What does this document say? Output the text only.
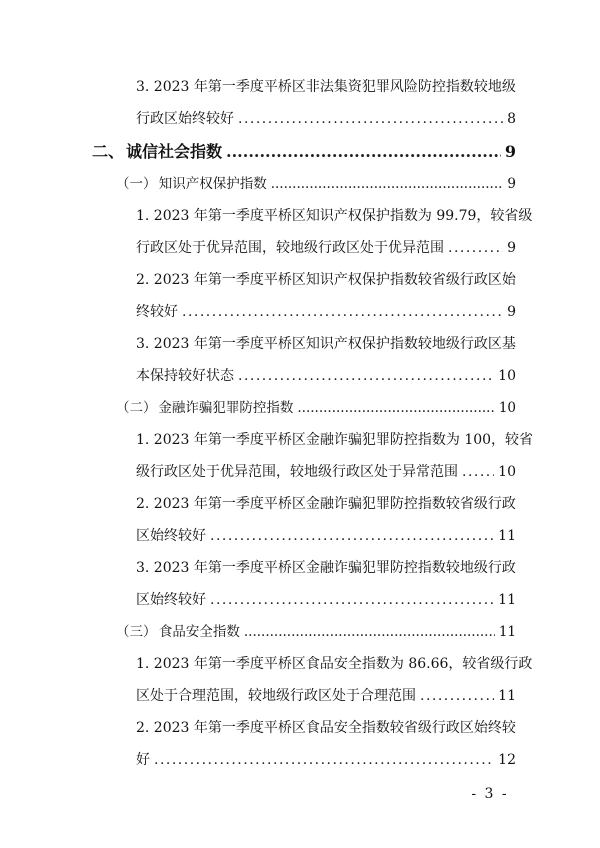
3. 2023 年第一季度平桥区非法集资犯罪风险防控指数较地级
行政区始终较好 .....	8
二、 诚信社会指数 .....	9
（一） 知识产权保护指数 .....	9
1. 2023 年第一季度平桥区知识产权保护指数为 99.79，较省级
行政区处于优异范围，较地级行政区处于优异范围 .....	9
2. 2023 年第一季度平桥区知识产权保护指数较省级行政区始
终较好 .....	9
3. 2023 年第一季度平桥区知识产权保护指数较地级行政区基
本保持较好状态 .....	10
（二） 金融诈骗犯罪防控指数 .....	10
1. 2023 年第一季度平桥区金融诈骗犯罪防控指数为 100，较省
级行政区处于优异范围，较地级行政区处于异常范围 .....	10
2. 2023 年第一季度平桥区金融诈骗犯罪防控指数较省级行政
区始终较好 .....	11
3. 2023 年第一季度平桥区金融诈骗犯罪防控指数较地级行政
区始终较好 .....	11
（三） 食品安全指数 .....	11
1. 2023 年第一季度平桥区食品安全指数为 86.66，较省级行政
区处于合理范围，较地级行政区处于合理范围 .....	11
2. 2023 年第一季度平桥区食品安全指数较省级行政区始终较
好 .....	12
- 3 -
